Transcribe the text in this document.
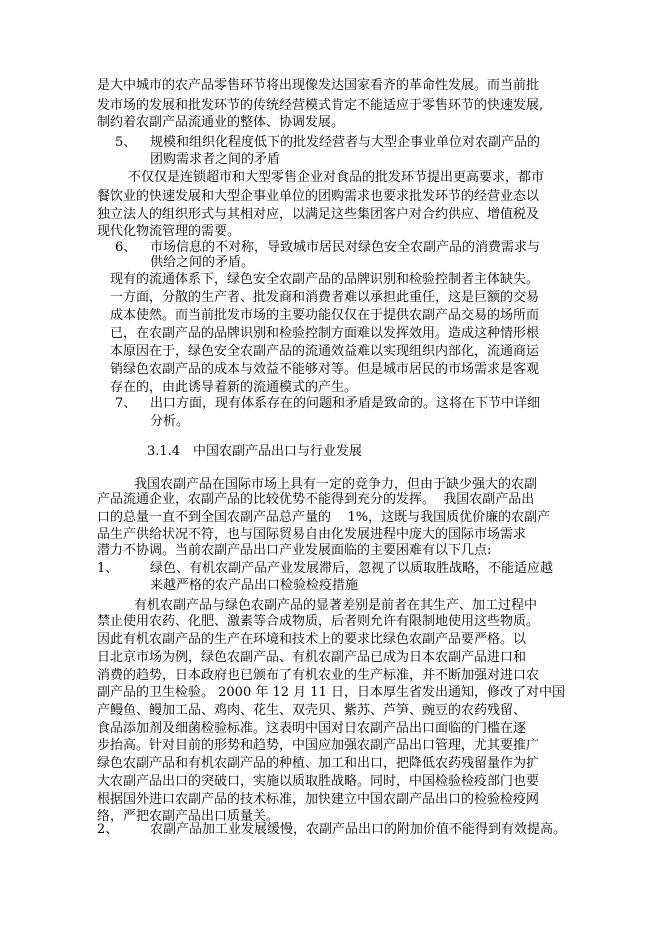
是大中城市的农产品零售环节将出现像发达国家看齐的革命性发展。而当前批
发市场的发展和批发环节的传统经营模式肯定不能适应于零售环节的快速发展,
制约着农副产品流通业的整体、协调发展。
5、 规模和组织化程度低下的批发经营者与大型企事业单位对农副产品的
团购需求者之间的矛盾
不仅仅是连锁超市和大型零售企业对食品的批发环节提出更高要求，都市
餐饮业的快速发展和大型企事业单位的团购需求也要求批发环节的经营业态以
独立法人的组织形式与其相对应，以满足这些集团客户对合约供应、增值税及
现代化物流管理的需要。
6、 市场信息的不对称，导致城市居民对绿色安全农副产品的消费需求与
供给之间的矛盾。
现有的流通体系下，绿色安全农副产品的品牌识别和检验控制者主体缺失。
一方面，分散的生产者、批发商和消费者难以承担此重任，这是巨额的交易
成本使然。而当前批发市场的主要功能仅仅在于提供农副产品交易的场所而
已，在农副产品的品牌识别和检验控制方面难以发挥效用。造成这种情形根
本原因在于，绿色安全农副产品的流通效益难以实现组织内部化，流通商运
销绿色农副产品的成本与效益不能够对等。但是城市居民的市场需求是客观
存在的，由此诱导着新的流通模式的产生。
7、 出口方面，现有体系存在的问题和矛盾是致命的。这将在下节中详细
分析。
3.1.4 中国农副产品出口与行业发展
我国农副产品在国际市场上具有一定的竞争力，但由于缺少强大的农副
产品流通企业，农副产品的比较优势不能得到充分的发挥。  我国农副产品出
口的总量一直不到全国农副产品总产量的    1%，这既与我国质优价廉的农副产
品生产供给状况不符，也与国际贸易自由化发展进程中庞大的国际市场需求
潜力不协调。当前农副产品出口产业发展面临的主要困难有以下几点:
1、 绿色、有机农副产品产业发展滞后，忽视了以质取胜战略，不能适应越
来越严格的农产品出口检验检疫措施
有机农副产品与绿色农副产品的显著差别是前者在其生产、加工过程中
禁止使用农药、化肥、激素等合成物质，后者则允许有限制地使用这些物质。
因此有机农副产品的生产在环境和技术上的要求比绿色农副产品要严格。以
日北京市场为例，绿色农副产品、有机农副产品已成为日本农副产品进口和
消费的趋势，日本政府也已颁布了有机农业的生产标准，并不断加强对进口农
副产品的卫生检验。 2000 年 12 月 11 日，日本厚生省发出通知，修改了对中国
产鳗鱼、鳗加工品、鸡肉、花生、双壳贝、紫苏、芦笋、豌豆的农药残留、
食品添加剂及细菌检验标准。这表明中国对日农副产品出口面临的门槛在逐
步抬高。针对目前的形势和趋势，中国应加强农副产品出口管理，尤其要推广
绿色农副产品和有机农副产品的种植、加工和出口，把降低农药残留量作为扩
大农副产品出口的突破口，实施以质取胜战略。同时，中国检验检疫部门也要
根据国外进口农副产品的技术标准，加快建立中国农副产品出口的检验检疫网
络，严把农副产品出口质量关。
2、 农副产品加工业发展缓慢，农副产品出口的附加价值不能得到有效提高。
